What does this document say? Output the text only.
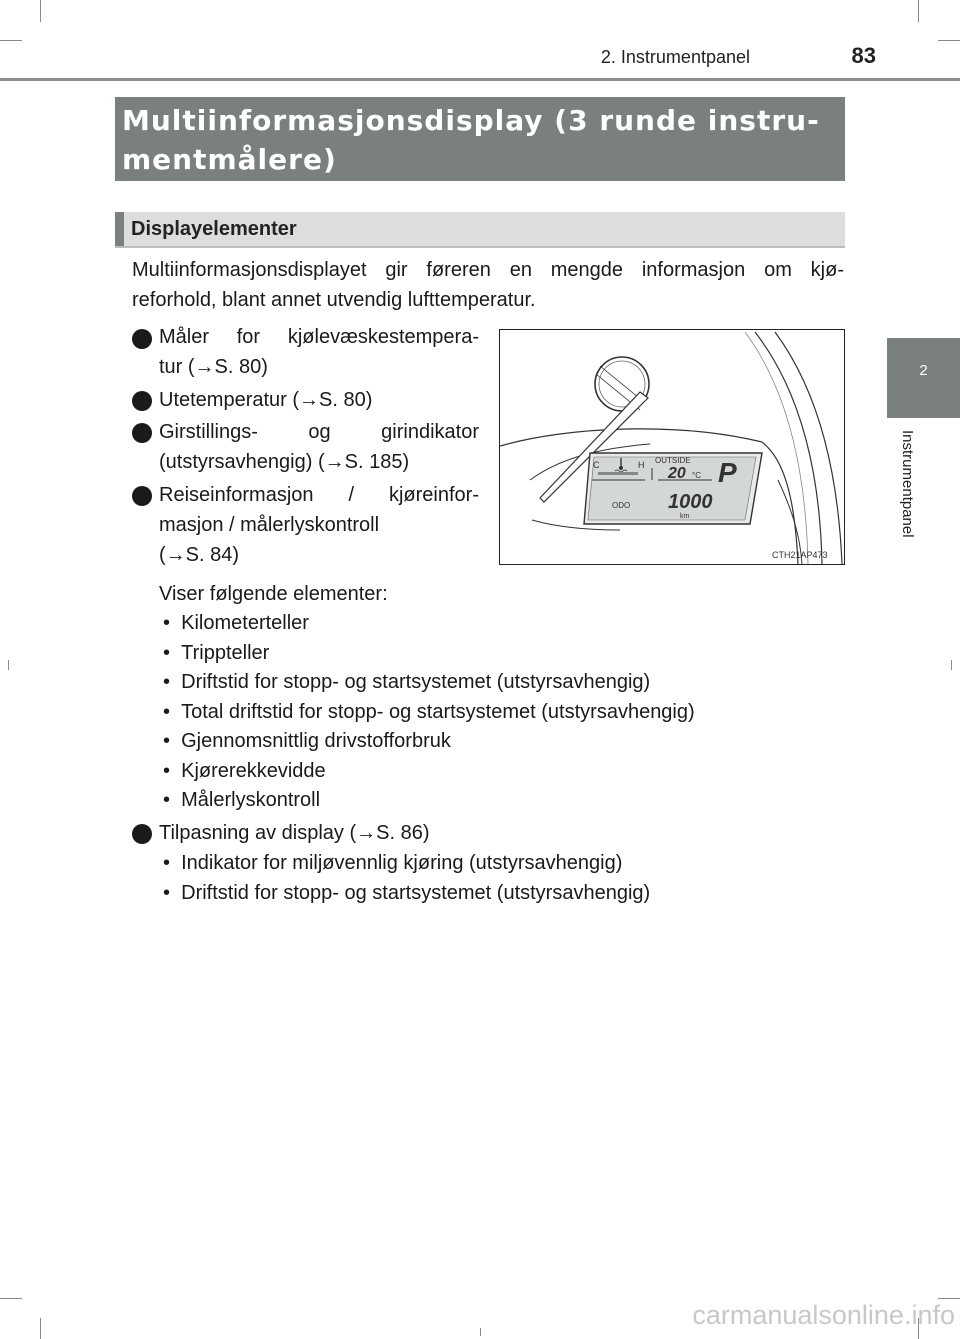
2. Instrumentpanel	83
2
Instrumentpanel
Multiinformasjonsdisplay (3 runde instru-
mentmålere)
Displayelementer
Multiinformasjonsdisplayet gir føreren en mengde informasjon om kjø-
reforhold, blant annet utvendig lufttemperatur.
Måler for kjølevæskestempera-
tur (→S. 80)
Utetemperatur (→S. 80)
Girstillings- og girindikator
(utstyrsavhengig) (→S. 185)
Reiseinformasjon / kjøreinfor-
masjon / målerlyskontroll
(→S. 84)
Viser følgende elementer:
•  Kilometerteller
•  Trippteller
•  Driftstid for stopp- og startsystemet (utstyrsavhengig)
•  Total driftstid for stopp- og startsystemet (utstyrsavhengig)
•  Gjennomsnittlig drivstofforbruk
•  Kjørerekkevidde
•  Målerlyskontroll
Tilpasning av display (→S. 86)
•  Indikator for miljøvennlig kjøring (utstyrsavhengig)
•  Driftstid for stopp- og startsystemet (utstyrsavhengig)
C	H OUTSIDE
20 °C P
ODO 1000
km
CTH21AP473
carmanualsonline.info
